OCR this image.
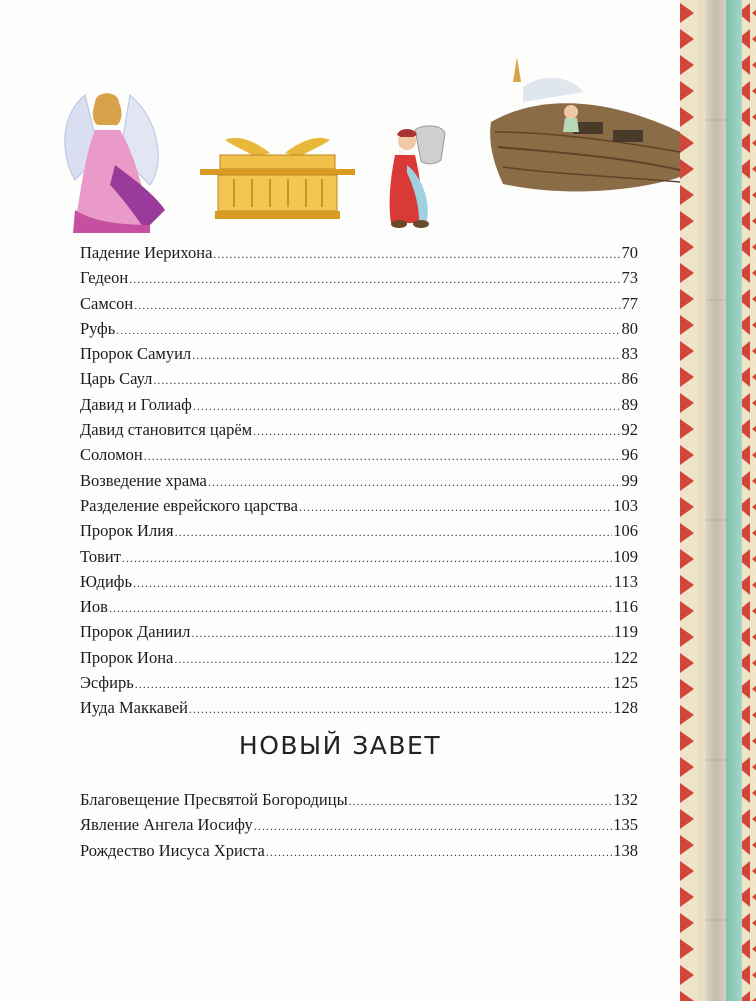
Падение Иерихона .....	70
Гедеон .....	73
Самсон .....	77
Руфь .....	80
Пророк Самуил .....	83
Царь Саул .....	86
Давид и Голиаф .....	89
Давид становится царём .....	92
Соломон .....	96
Возведение храма .....	99
Разделение еврейского царства .....	103
Пророк Илия .....	106
Товит .....	109
Юдифь .....	113
Иов .....	116
Пророк Даниил .....	119
Пророк Иона .....	122
Эсфирь .....	125
Иуда Маккавей .....	128
НОВЫЙ ЗАВЕТ
Благовещение Пресвятой Богородицы .....	132
Явление Ангела Иосифу .....	135
Рождество Иисуса Христа .....	138
